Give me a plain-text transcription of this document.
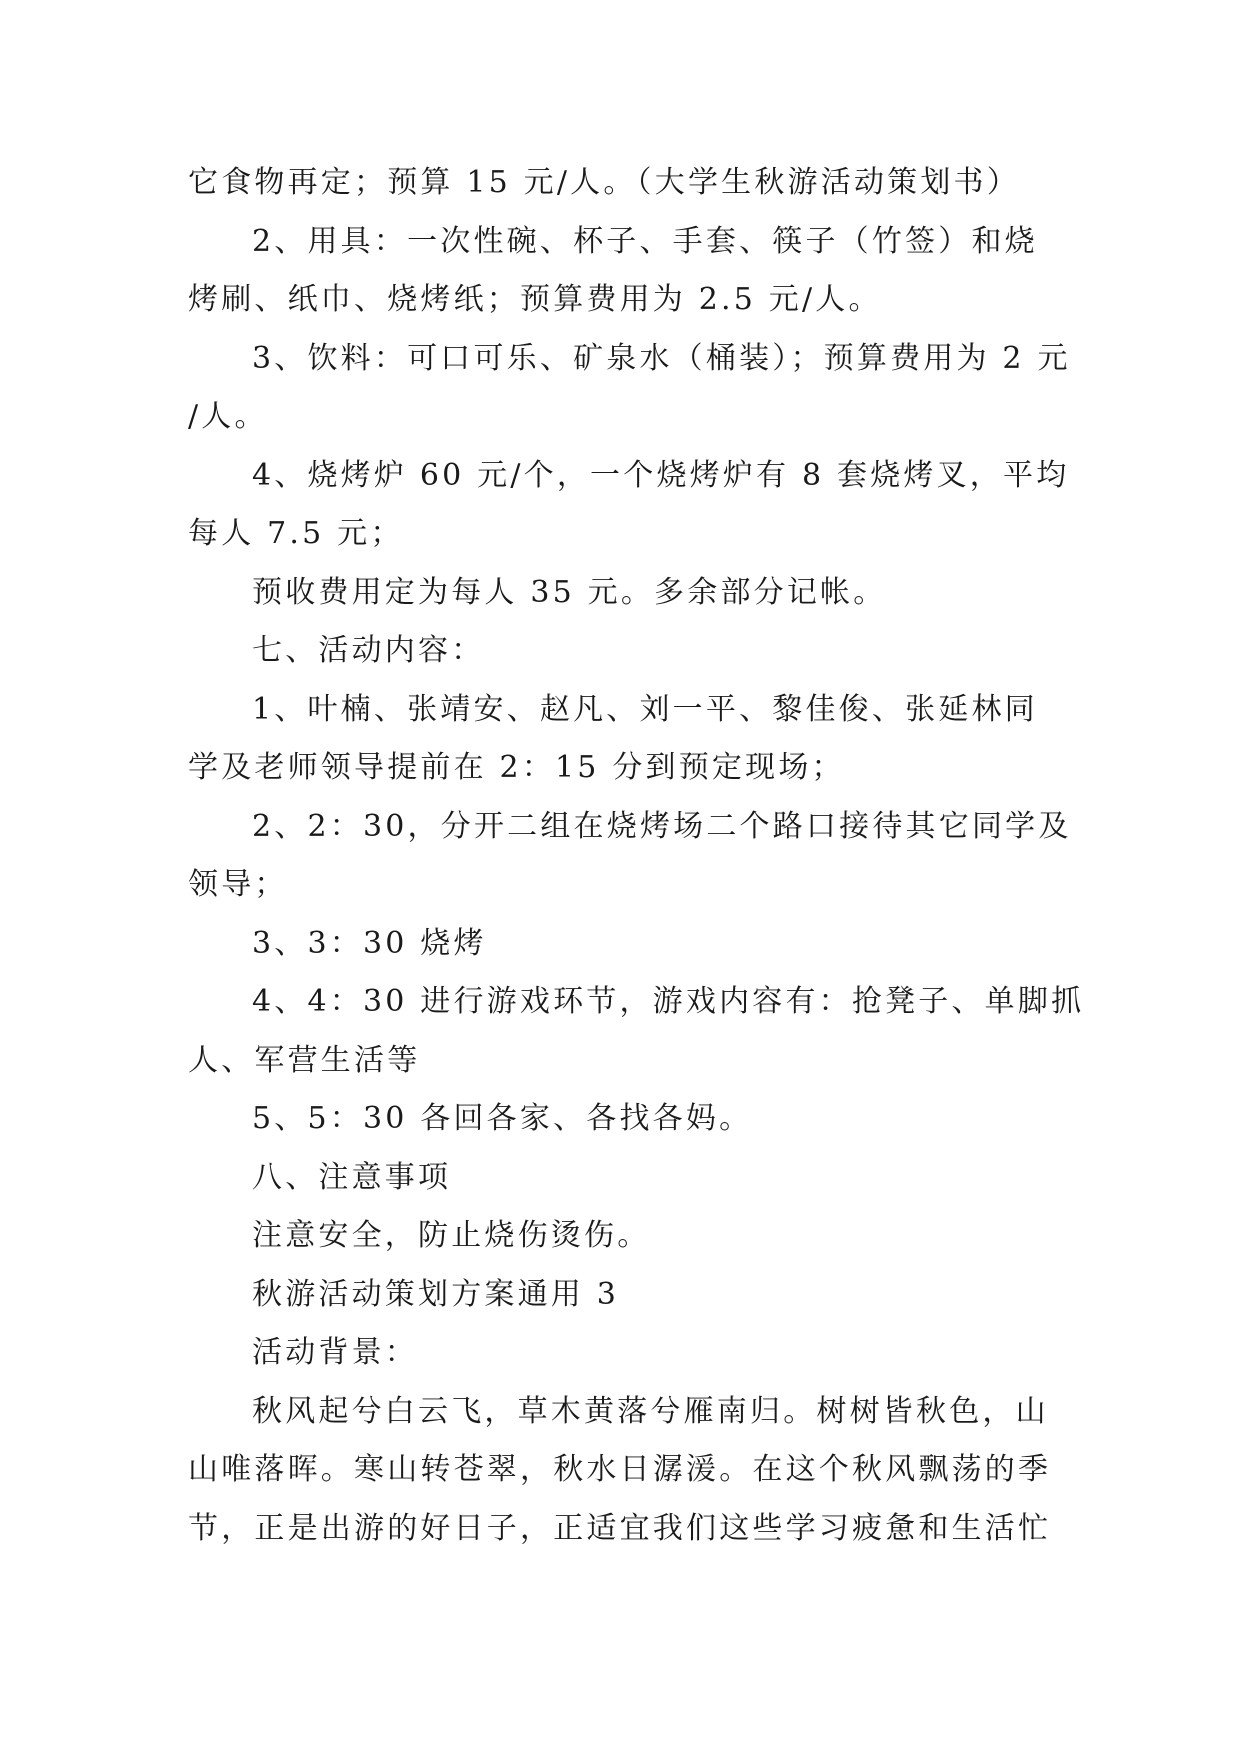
它食物再定；预算 15 元/人。（大学生秋游活动策划书）
2、用具：一次性碗、杯子、手套、筷子（竹签）和烧
烤刷、纸巾、烧烤纸；预算费用为 2.5 元/人。
3、饮料：可口可乐、矿泉水（桶装）；预算费用为 2 元
/人。
4、烧烤炉 60 元/个，一个烧烤炉有 8 套烧烤叉，平均
每人 7.5 元；
预收费用定为每人 35 元。多余部分记帐。
七、活动内容：
1、叶楠、张靖安、赵凡、刘一平、黎佳俊、张延林同
学及老师领导提前在 2：15 分到预定现场；
2、2：30，分开二组在烧烤场二个路口接待其它同学及
领导；
3、3：30 烧烤
4、4：30 进行游戏环节，游戏内容有：抢凳子、单脚抓
人、军营生活等
5、5：30 各回各家、各找各妈。
八、注意事项
注意安全，防止烧伤烫伤。
秋游活动策划方案通用 3
活动背景：
秋风起兮白云飞，草木黄落兮雁南归。树树皆秋色，山
山唯落晖。寒山转苍翠，秋水日潺湲。在这个秋风飘荡的季
节，正是出游的好日子，正适宜我们这些学习疲惫和生活忙
